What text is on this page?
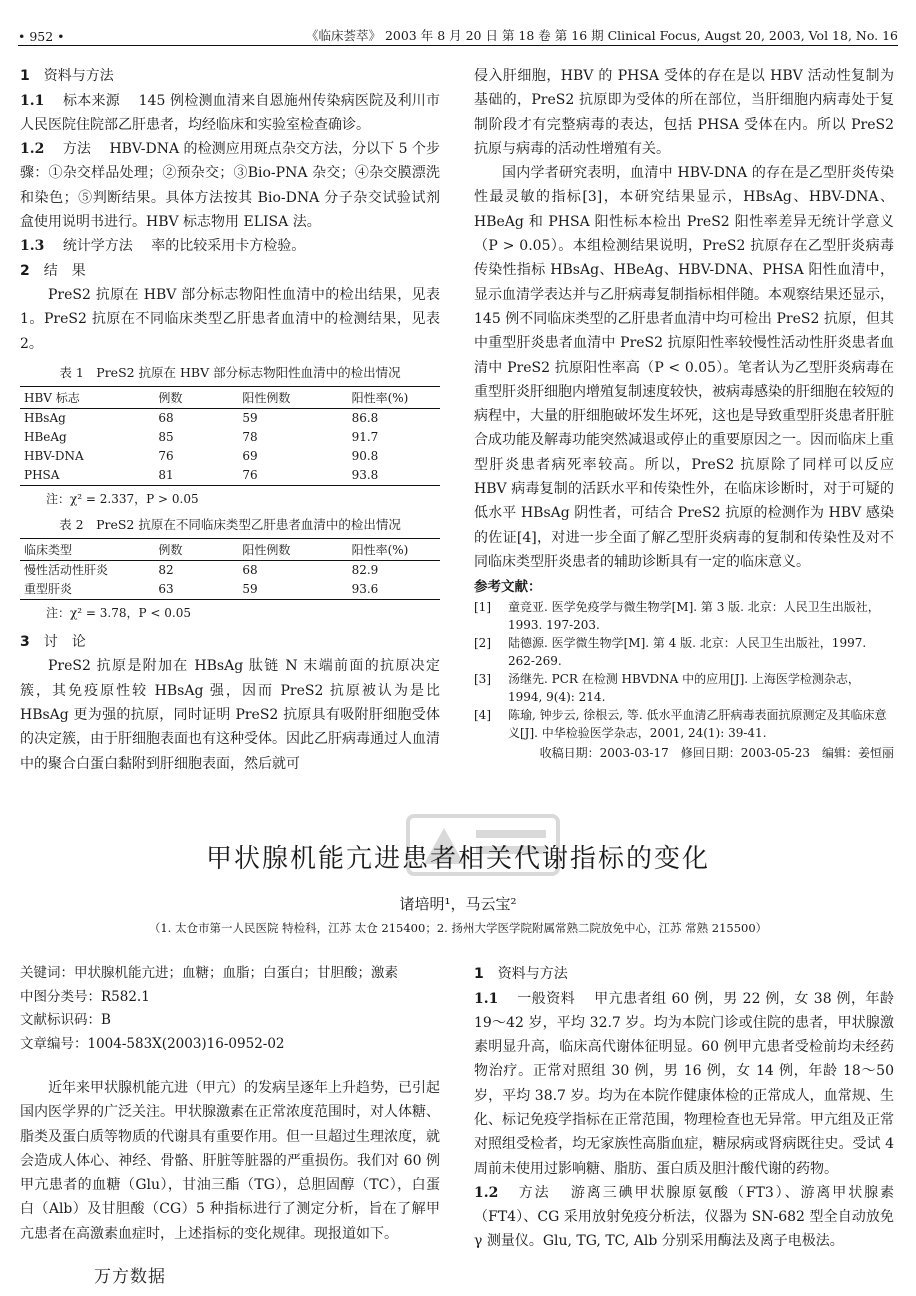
• 952 •	《临床荟萃》 2003 年 8 月 20 日 第 18 卷 第 16 期 Clinical Focus, Augst 20, 2003, Vol 18, No. 16
1 资料与方法

1.1 标本来源 145 例检测血清来自恩施州传染病医院及利川市人民医院住院部乙肝患者，均经临床和实验室检查确诊。

1.2 方法 HBV-DNA 的检测应用斑点杂交方法，分以下 5 个步骤：①杂交样品处理；②预杂交；③Bio-PNA 杂交；④杂交膜漂洗和染色；⑤判断结果。具体方法按其 Bio-DNA 分子杂交试验试剂盒使用说明书进行。HBV 标志物用 ELISA 法。

1.3 统计学方法 率的比较采用卡方检验。

2 结　果

PreS2 抗原在 HBV 部分标志物阳性血清中的检出结果，见表 1。PreS2 抗原在不同临床类型乙肝患者血清中的检测结果，见表 2。

表 1　PreS2 抗原在 HBV 部分标志物阳性血清中的检出情况
HBV 标志	例数	阳性例数	阳性率(%)
HBsAg	68	59	86.8
HBeAg	85	78	91.7
HBV-DNA	76	69	90.8
PHSA	81	76	93.8
注：χ² = 2.337，P > 0.05
表 2　PreS2 抗原在不同临床类型乙肝患者血清中的检出情况
临床类型	例数	阳性例数	阳性率(%)
慢性活动性肝炎	82	68	82.9
重型肝炎	63	59	93.6
注：χ² = 3.78，P < 0.05
3 讨　论

PreS2 抗原是附加在 HBsAg 肽链 N 末端前面的抗原决定簇，其免疫原性较 HBsAg 强，因而 PreS2 抗原被认为是比 HBsAg 更为强的抗原，同时证明 PreS2 抗原具有吸附肝细胞受体的决定簇，由于肝细胞表面也有这种受体。因此乙肝病毒通过人血清中的聚合白蛋白黏附到肝细胞表面，然后就可

侵入肝细胞，HBV 的 PHSA 受体的存在是以 HBV 活动性复制为基础的，PreS2 抗原即为受体的所在部位，当肝细胞内病毒处于复制阶段才有完整病毒的表达，包括 PHSA 受体在内。所以 PreS2 抗原与病毒的活动性增殖有关。

国内学者研究表明，血清中 HBV-DNA 的存在是乙型肝炎传染性最灵敏的指标[3]，本研究结果显示，HBsAg、HBV-DNA、HBeAg 和 PHSA 阳性标本检出 PreS2 阳性率差异无统计学意义（P > 0.05）。本组检测结果说明，PreS2 抗原存在乙型肝炎病毒传染性指标 HBsAg、HBeAg、HBV-DNA、PHSA 阳性血清中，显示血清学表达并与乙肝病毒复制指标相伴随。本观察结果还显示，145 例不同临床类型的乙肝患者血清中均可检出 PreS2 抗原，但其中重型肝炎患者血清中 PreS2 抗原阳性率较慢性活动性肝炎患者血清中 PreS2 抗原阳性率高（P < 0.05）。笔者认为乙型肝炎病毒在重型肝炎肝细胞内增殖复制速度较快，被病毒感染的肝细胞在较短的病程中，大量的肝细胞破坏发生坏死，这也是导致重型肝炎患者肝脏合成功能及解毒功能突然减退或停止的重要原因之一。因而临床上重型肝炎患者病死率较高。所以，PreS2 抗原除了同样可以反应 HBV 病毒复制的活跃水平和传染性外，在临床诊断时，对于可疑的低水平 HBsAg 阴性者，可结合 PreS2 抗原的检测作为 HBV 感染的佐证[4]，对进一步全面了解乙型肝炎病毒的复制和传染性及对不同临床类型肝炎患者的辅助诊断具有一定的临床意义。

参考文献：
[1]	童竞亚. 医学免疫学与微生物学[M]. 第 3 版. 北京：人民卫生出版社，1993. 197-203.
[2]	陆德源. 医学微生物学[M]. 第 4 版. 北京：人民卫生出版社，1997. 262-269.
[3]	汤继先. PCR 在检测 HBVDNA 中的应用[J]. 上海医学检测杂志，1994, 9(4): 214.
[4]	陈瑜, 钟步云, 徐根云, 等. 低水平血清乙肝病毒表面抗原测定及其临床意义[J]. 中华检验医学杂志，2001, 24(1): 39-41.
收稿日期：2003-03-17　修回日期：2003-05-23　编辑：姜恒丽
甲状腺机能亢进患者相关代谢指标的变化
诸培明¹，马云宝²
（1. 太仓市第一人民医院 特检科，江苏 太仓 215400；2. 扬州大学医学院附属常熟二院放免中心，江苏 常熟 215500）
关键词：甲状腺机能亢进；血糖；血脂；白蛋白；甘胆酸；激素
中图分类号：R582.1
文献标识码：B
文章编号：1004-583X(2003)16-0952-02

近年来甲状腺机能亢进（甲亢）的发病呈逐年上升趋势，已引起国内医学界的广泛关注。甲状腺激素在正常浓度范围时，对人体糖、脂类及蛋白质等物质的代谢具有重要作用。但一旦超过生理浓度，就会造成人体心、神经、骨骼、肝脏等脏器的严重损伤。我们对 60 例甲亢患者的血糖（Glu），甘油三酯（TG），总胆固醇（TC），白蛋白（Alb）及甘胆酸（CG）5 种指标进行了测定分析，旨在了解甲亢患者在高激素血症时，上述指标的变化规律。现报道如下。

1 资料与方法

1.1 一般资料 甲亢患者组 60 例，男 22 例，女 38 例，年龄 19～42 岁，平均 32.7 岁。均为本院门诊或住院的患者，甲状腺激素明显升高，临床高代谢体征明显。60 例甲亢患者受检前均未经药物治疗。正常对照组 30 例，男 16 例，女 14 例，年龄 18～50 岁，平均 38.7 岁。均为在本院作健康体检的正常成人，血常规、生化、标记免疫学指标在正常范围，物理检查也无异常。甲亢组及正常对照组受检者，均无家族性高脂血症，糖尿病或肾病既往史。受试 4 周前未使用过影响糖、脂肪、蛋白质及胆汁酸代谢的药物。

1.2 方法 游离三碘甲状腺原氨酸（FT3）、游离甲状腺素（FT4）、CG 采用放射免疫分析法，仪器为 SN-682 型全自动放免 γ 测量仪。Glu, TG, TC, Alb 分别采用酶法及离子电极法。

万方数据
